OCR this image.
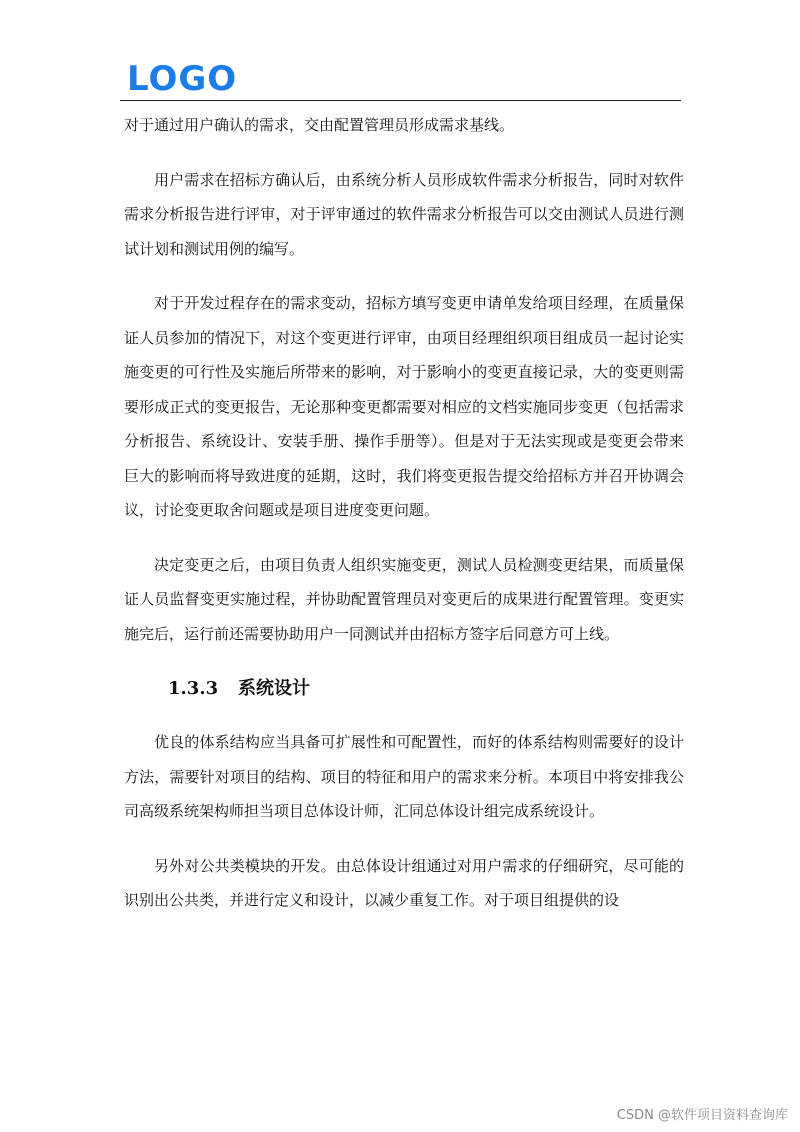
LOGO

对于通过用户确认的需求，交由配置管理员形成需求基线。

用户需求在招标方确认后，由系统分析人员形成软件需求分析报告，同时对软件需求分析报告进行评审，对于评审通过的软件需求分析报告可以交由测试人员进行测试计划和测试用例的编写。

对于开发过程存在的需求变动，招标方填写变更申请单发给项目经理，在质量保证人员参加的情况下，对这个变更进行评审，由项目经理组织项目组成员一起讨论实施变更的可行性及实施后所带来的影响，对于影响小的变更直接记录，大的变更则需要形成正式的变更报告，无论那种变更都需要对相应的文档实施同步变更（包括需求分析报告、系统设计、安装手册、操作手册等）。但是对于无法实现或是变更会带来巨大的影响而将导致进度的延期，这时，我们将变更报告提交给招标方并召开协调会议，讨论变更取舍问题或是项目进度变更问题。

决定变更之后，由项目负责人组织实施变更，测试人员检测变更结果，而质量保证人员监督变更实施过程，并协助配置管理员对变更后的成果进行配置管理。变更实施完后，运行前还需要协助用户一同测试并由招标方签字后同意方可上线。

1.3.3	系统设计

优良的体系结构应当具备可扩展性和可配置性，而好的体系结构则需要好的设计方法，需要针对项目的结构、项目的特征和用户的需求来分析。本项目中将安排我公司高级系统架构师担当项目总体设计师，汇同总体设计组完成系统设计。

另外对公共类模块的开发。由总体设计组通过对用户需求的仔细研究，尽可能的识别出公共类，并进行定义和设计，以减少重复工作。对于项目组提供的设

CSDN @软件项目资料查询库
